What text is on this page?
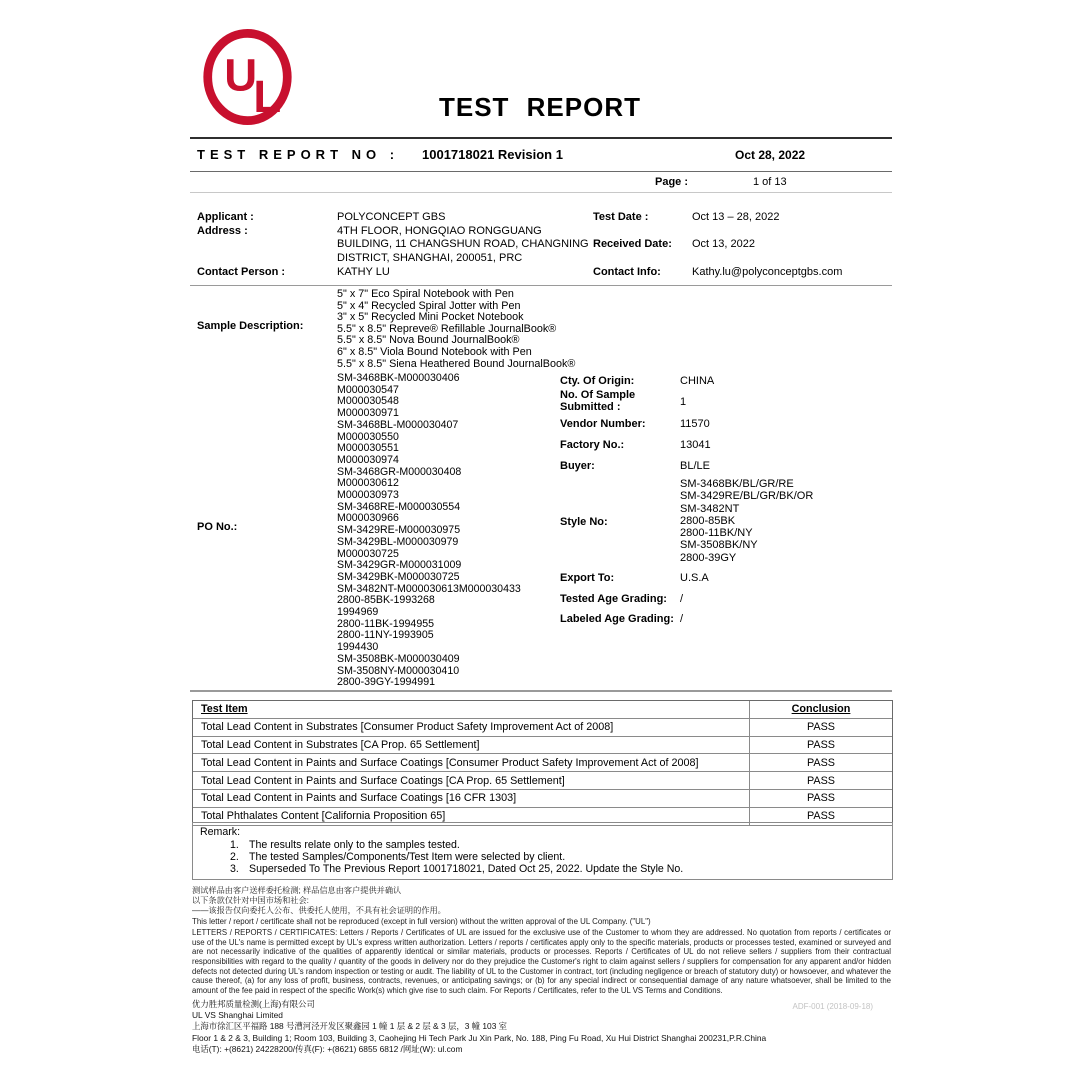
U
L	TEST REPORT
TEST REPORT NO : 1001718021 Revision 1	Oct 28, 2022
Page :	1 of 13
Applicant :	POLYCONCEPT GBS
Address :	4TH FLOOR, HONGQIAO RONGGUANG BUILDING, 11 CHANGSHUN ROAD, CHANGNING DISTRICT, SHANGHAI, 200051, PRC
Contact Person :	KATHY LU
Test Date :	Oct 13 – 28, 2022
Received Date: Oct 13, 2022
Contact Info:	Kathy.lu@polyconceptgbs.com
Sample Description:
5" x 7" Eco Spiral Notebook with Pen
5" x 4" Recycled Spiral Jotter with Pen
3" x 5" Recycled Mini Pocket Notebook
5.5" x 8.5" Repreve® Refillable JournalBook®
5.5" x 8.5" Nova Bound JournalBook®
6" x 8.5" Viola Bound Notebook with Pen
5.5" x 8.5" Siena Heathered Bound JournalBook®
PO No.:
SM-3468BK-M000030406
M000030547
M000030548
M000030971
SM-3468BL-M000030407
M000030550
M000030551
M000030974
SM-3468GR-M000030408
M000030612
M000030973
SM-3468RE-M000030554
M000030966
SM-3429RE-M000030975
SM-3429BL-M000030979
M000030725
SM-3429GR-M000031009
SM-3429BK-M000030725
SM-3482NT-M000030613M000030433
2800-85BK-1993268
1994969
2800-11BK-1994955
2800-11NY-1993905
1994430
SM-3508BK-M000030409
SM-3508NY-M000030410
2800-39GY-1994991
Cty. Of Origin:	CHINA
No. Of Sample Submitted :	1
Vendor Number:	11570
Factory No.:	13041
Buyer:	BL/LE
Style No:
SM-3468BK/BL/GR/RE
SM-3429RE/BL/GR/BK/OR
SM-3482NT
2800-85BK
2800-11BK/NY
SM-3508BK/NY
2800-39GY
Export To:	U.S.A
Tested Age Grading:	/
Labeled Age Grading: /
Test Item	Conclusion
Total Lead Content in Substrates [Consumer Product Safety Improvement Act of 2008]	PASS
Total Lead Content in Substrates [CA Prop. 65 Settlement]	PASS
Total Lead Content in Paints and Surface Coatings [Consumer Product Safety Improvement Act of 2008]	PASS
Total Lead Content in Paints and Surface Coatings [CA Prop. 65 Settlement]	PASS
Total Lead Content in Paints and Surface Coatings [16 CFR 1303]	PASS
Total Phthalates Content [California Proposition 65]	PASS
Remark:
1. The results relate only to the samples tested.
2. The tested Samples/Components/Test Item were selected by client.
3. Superseded To The Previous Report 1001718021, Dated Oct 25, 2022. Update the Style No.
测试样品由客户送样委托检测; 样品信息由客户提供并确认
以下条款仅针对中国市场和社会:
——该报告仅向委托人公布、供委托人使用，不具有社会证明的作用。
This letter / report / certificate shall not be reproduced (except in full version) without the written approval of the UL Company. ("UL")
LETTERS / REPORTS / CERTIFICATES: Letters / Reports / Certificates of UL are issued for the exclusive use of the Customer to whom they are addressed. No quotation from reports / certificates or use of the UL's name is permitted except by UL's express written authorization. Letters / reports / certificates apply only to the specific materials, products or processes tested, examined or surveyed and are not necessarily indicative of the qualities of apparently identical or similar materials, products or processes. Reports / Certificates of UL do not relieve sellers / suppliers from their contractual responsibilities with regard to the quality / quantity of the goods in delivery nor do they prejudice the Customer's right to claim against sellers / suppliers for compensation for any apparent and/or hidden defects not detected during UL's random inspection or testing or audit. The liability of UL to the Customer in contract, tort (including negligence or breach of statutory duty) or howsoever, and whatever the cause thereof, (a) for any loss of profit, business, contracts, revenues, or anticipating savings; or (b) for any special indirect or consequential damage of any nature whatsoever, shall be limited to the amount of the fee paid in respect of the specific Work(s) which give rise to such claim. For Reports / Certificates, refer to the UL VS Terms and Conditions.
ADF-001 (2018-09-18)
优力胜邦质量检测(上海)有限公司
UL VS Shanghai Limited
上海市徐汇区平福路 188 号漕河泾开发区聚鑫园 1 幢 1 层 & 2 层 & 3 层，3 幢 103 室
Floor 1 & 2 & 3, Building 1; Room 103, Building 3, Caohejing Hi Tech Park Ju Xin Park, No. 188, Ping Fu Road, Xu Hui District Shanghai 200231,P.R.China
电话(T): +(8621) 24228200/传真(F): +(8621) 6855 6812 /网址(W): ul.com
